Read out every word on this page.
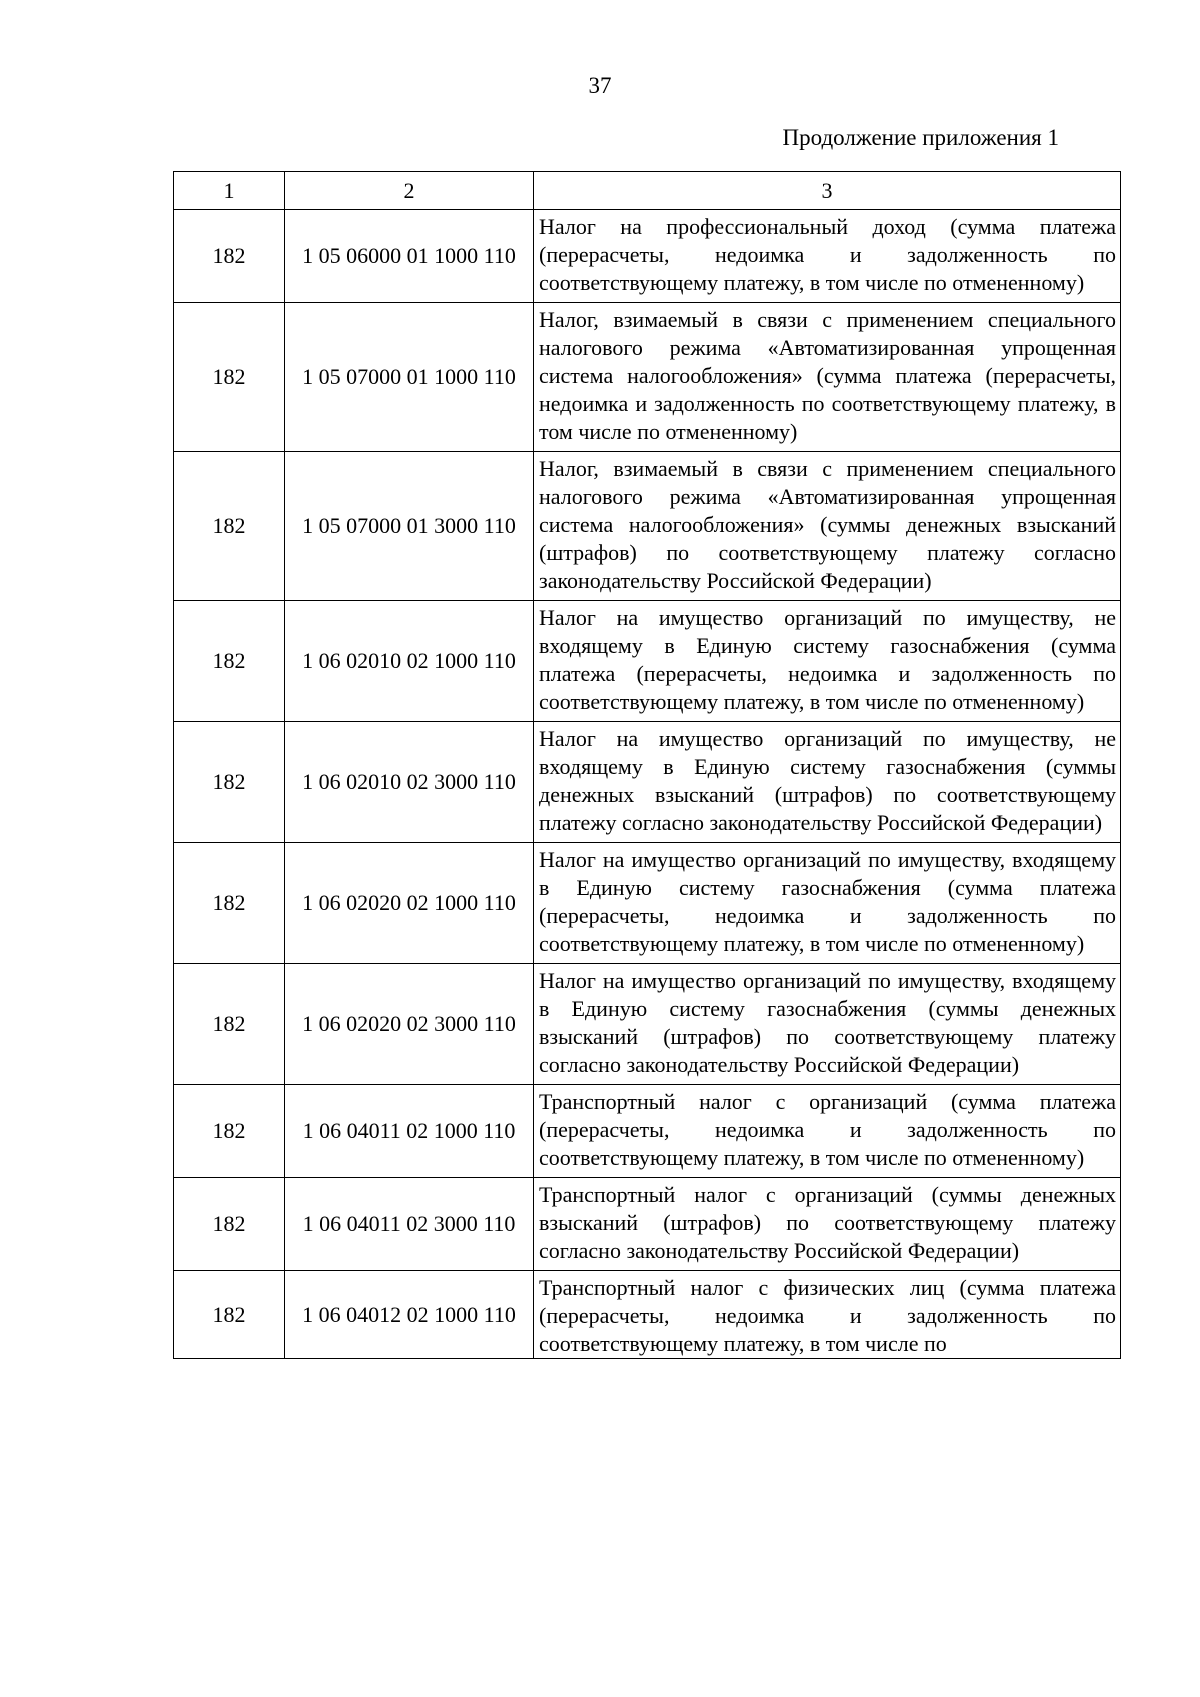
37
Продолжение приложения 1
1	2	3
182	1 05 06000 01 1000 110	Налог на профессиональный доход (сумма платежа (перерасчеты, недоимка и задолженность по соответствующему платежу, в том числе по отмененному)
182	1 05 07000 01 1000 110	Налог, взимаемый в связи с применением специального налогового режима «Автоматизированная упрощенная система налогообложения» (сумма платежа (перерасчеты, недоимка и задолженность по соответствующему платежу, в том числе по отмененному)
182	1 05 07000 01 3000 110	Налог, взимаемый в связи с применением специального налогового режима «Автоматизированная упрощенная система налогообложения» (суммы денежных взысканий (штрафов) по соответствующему платежу согласно законодательству Российской Федерации)
182	1 06 02010 02 1000 110	Налог на имущество организаций по имуществу, не входящему в Единую систему газоснабжения (сумма платежа (перерасчеты, недоимка и задолженность по соответствующему платежу, в том числе по отмененному)
182	1 06 02010 02 3000 110	Налог на имущество организаций по имуществу, не входящему в Единую систему газоснабжения (суммы денежных взысканий (штрафов) по соответствующему платежу согласно законодательству Российской Федерации)
182	1 06 02020 02 1000 110	Налог на имущество организаций по имуществу, входящему в Единую систему газоснабжения (сумма платежа (перерасчеты, недоимка и задолженность по соответствующему платежу, в том числе по отмененному)
182	1 06 02020 02 3000 110	Налог на имущество организаций по имуществу, входящему в Единую систему газоснабжения (суммы денежных взысканий (штрафов) по соответствующему платежу согласно законодательству Российской Федерации)
182	1 06 04011 02 1000 110	Транспортный налог с организаций (сумма платежа (перерасчеты, недоимка и задолженность по соответствующему платежу, в том числе по отмененному)
182	1 06 04011 02 3000 110	Транспортный налог с организаций (суммы денежных взысканий (штрафов) по соответствующему платежу согласно законодательству Российской Федерации)
182	1 06 04012 02 1000 110	Транспортный налог с физических лиц (сумма платежа (перерасчеты, недоимка и задолженность по соответствующему платежу, в том числе по
